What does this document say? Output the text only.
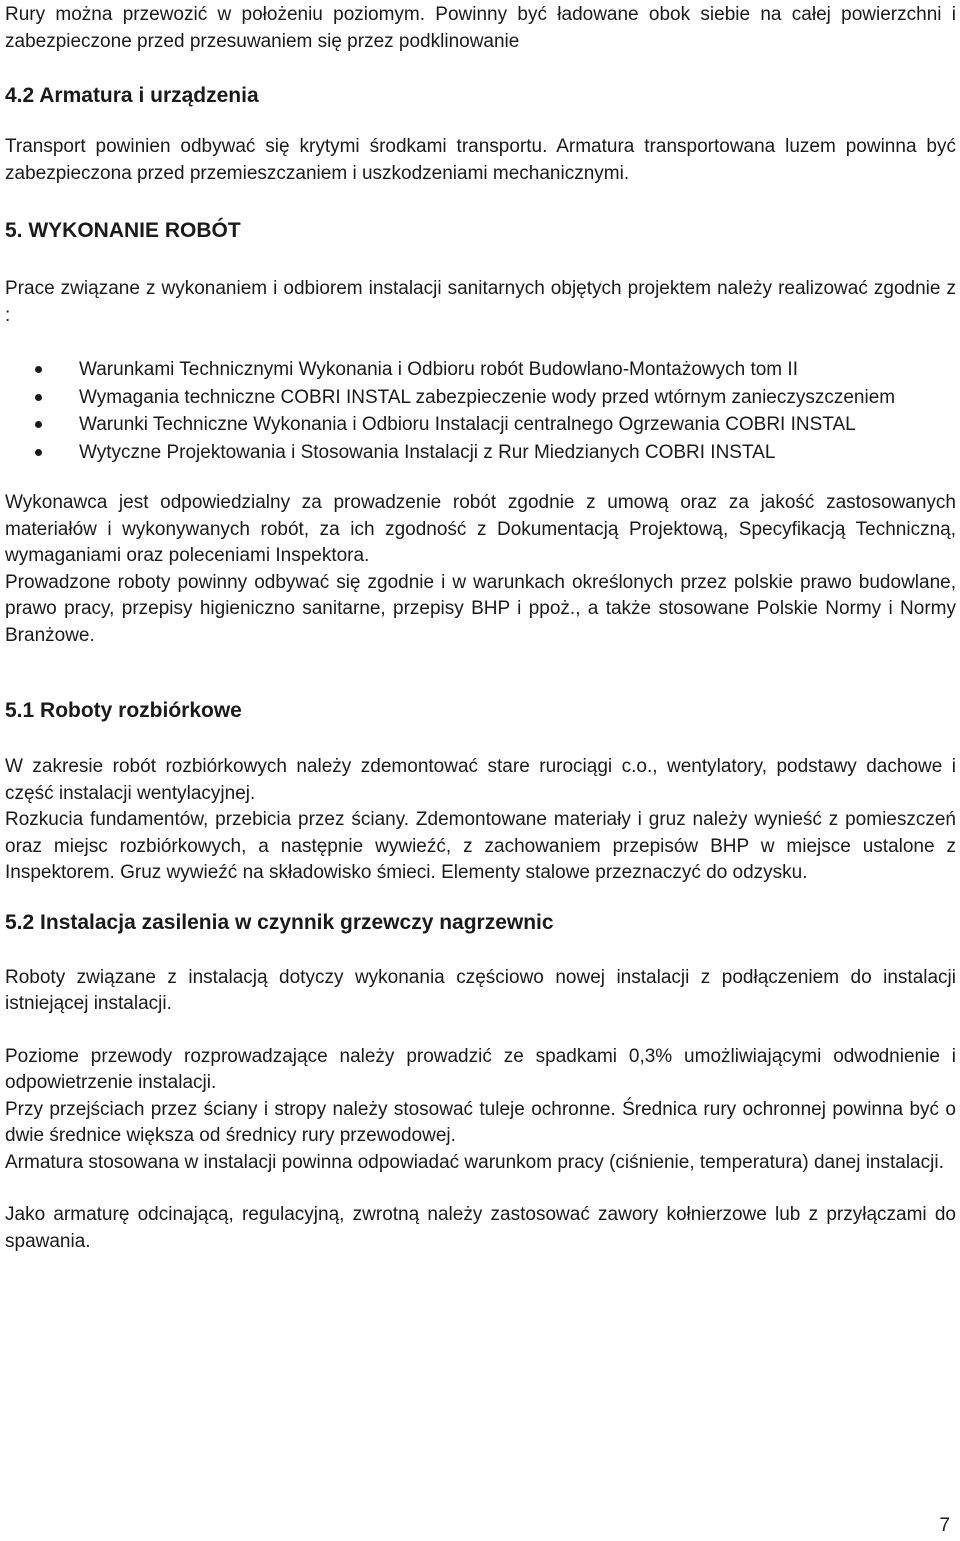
Rury można przewozić w położeniu poziomym. Powinny być ładowane obok siebie na całej powierzchni i zabezpieczone przed przesuwaniem się przez podklinowanie

4.2 Armatura i urządzenia

Transport powinien odbywać się krytymi środkami transportu. Armatura transportowana luzem powinna być zabezpieczona przed przemieszczaniem i uszkodzeniami mechanicznymi.

5. WYKONANIE ROBÓT

Prace związane z wykonaniem i odbiorem instalacji sanitarnych objętych projektem należy realizować zgodnie z :

Warunkami Technicznymi Wykonania i Odbioru robót Budowlano-Montażowych tom II
Wymagania techniczne COBRI INSTAL zabezpieczenie wody przed wtórnym zanieczyszczeniem
Warunki Techniczne Wykonania i Odbioru Instalacji centralnego Ogrzewania COBRI INSTAL
Wytyczne Projektowania i Stosowania Instalacji z Rur Miedzianych COBRI INSTAL

Wykonawca jest odpowiedzialny za prowadzenie robót zgodnie z umową oraz za jakość zastosowanych materiałów i wykonywanych robót, za ich zgodność z Dokumentacją Projektową, Specyfikacją Techniczną, wymaganiami oraz poleceniami Inspektora.

Prowadzone roboty powinny odbywać się zgodnie i w warunkach określonych przez polskie prawo budowlane, prawo pracy, przepisy higieniczno sanitarne, przepisy BHP i ppoż., a także stosowane Polskie Normy i Normy Branżowe.

5.1 Roboty rozbiórkowe

W zakresie robót rozbiórkowych należy zdemontować stare rurociągi c.o., wentylatory, podstawy dachowe i część instalacji wentylacyjnej.

Rozkucia fundamentów, przebicia przez ściany. Zdemontowane materiały i gruz należy wynieść z pomieszczeń oraz miejsc rozbiórkowych, a następnie wywieźć, z zachowaniem przepisów BHP w miejsce ustalone z Inspektorem. Gruz wywieźć na składowisko śmieci. Elementy stalowe przeznaczyć do odzysku.

5.2 Instalacja zasilenia w czynnik grzewczy nagrzewnic

Roboty związane z instalacją dotyczy wykonania częściowo nowej instalacji z podłączeniem do instalacji istniejącej instalacji.

Poziome przewody rozprowadzające należy prowadzić ze spadkami 0,3% umożliwiającymi odwodnienie i odpowietrzenie instalacji.

Przy przejściach przez ściany i stropy należy stosować tuleje ochronne. Średnica rury ochronnej powinna być o dwie średnice większa od średnicy rury przewodowej.

Armatura stosowana w instalacji powinna odpowiadać warunkom pracy (ciśnienie, temperatura) danej instalacji.

Jako armaturę odcinającą, regulacyjną, zwrotną należy zastosować zawory kołnierzowe lub z przyłączami do spawania.

7
